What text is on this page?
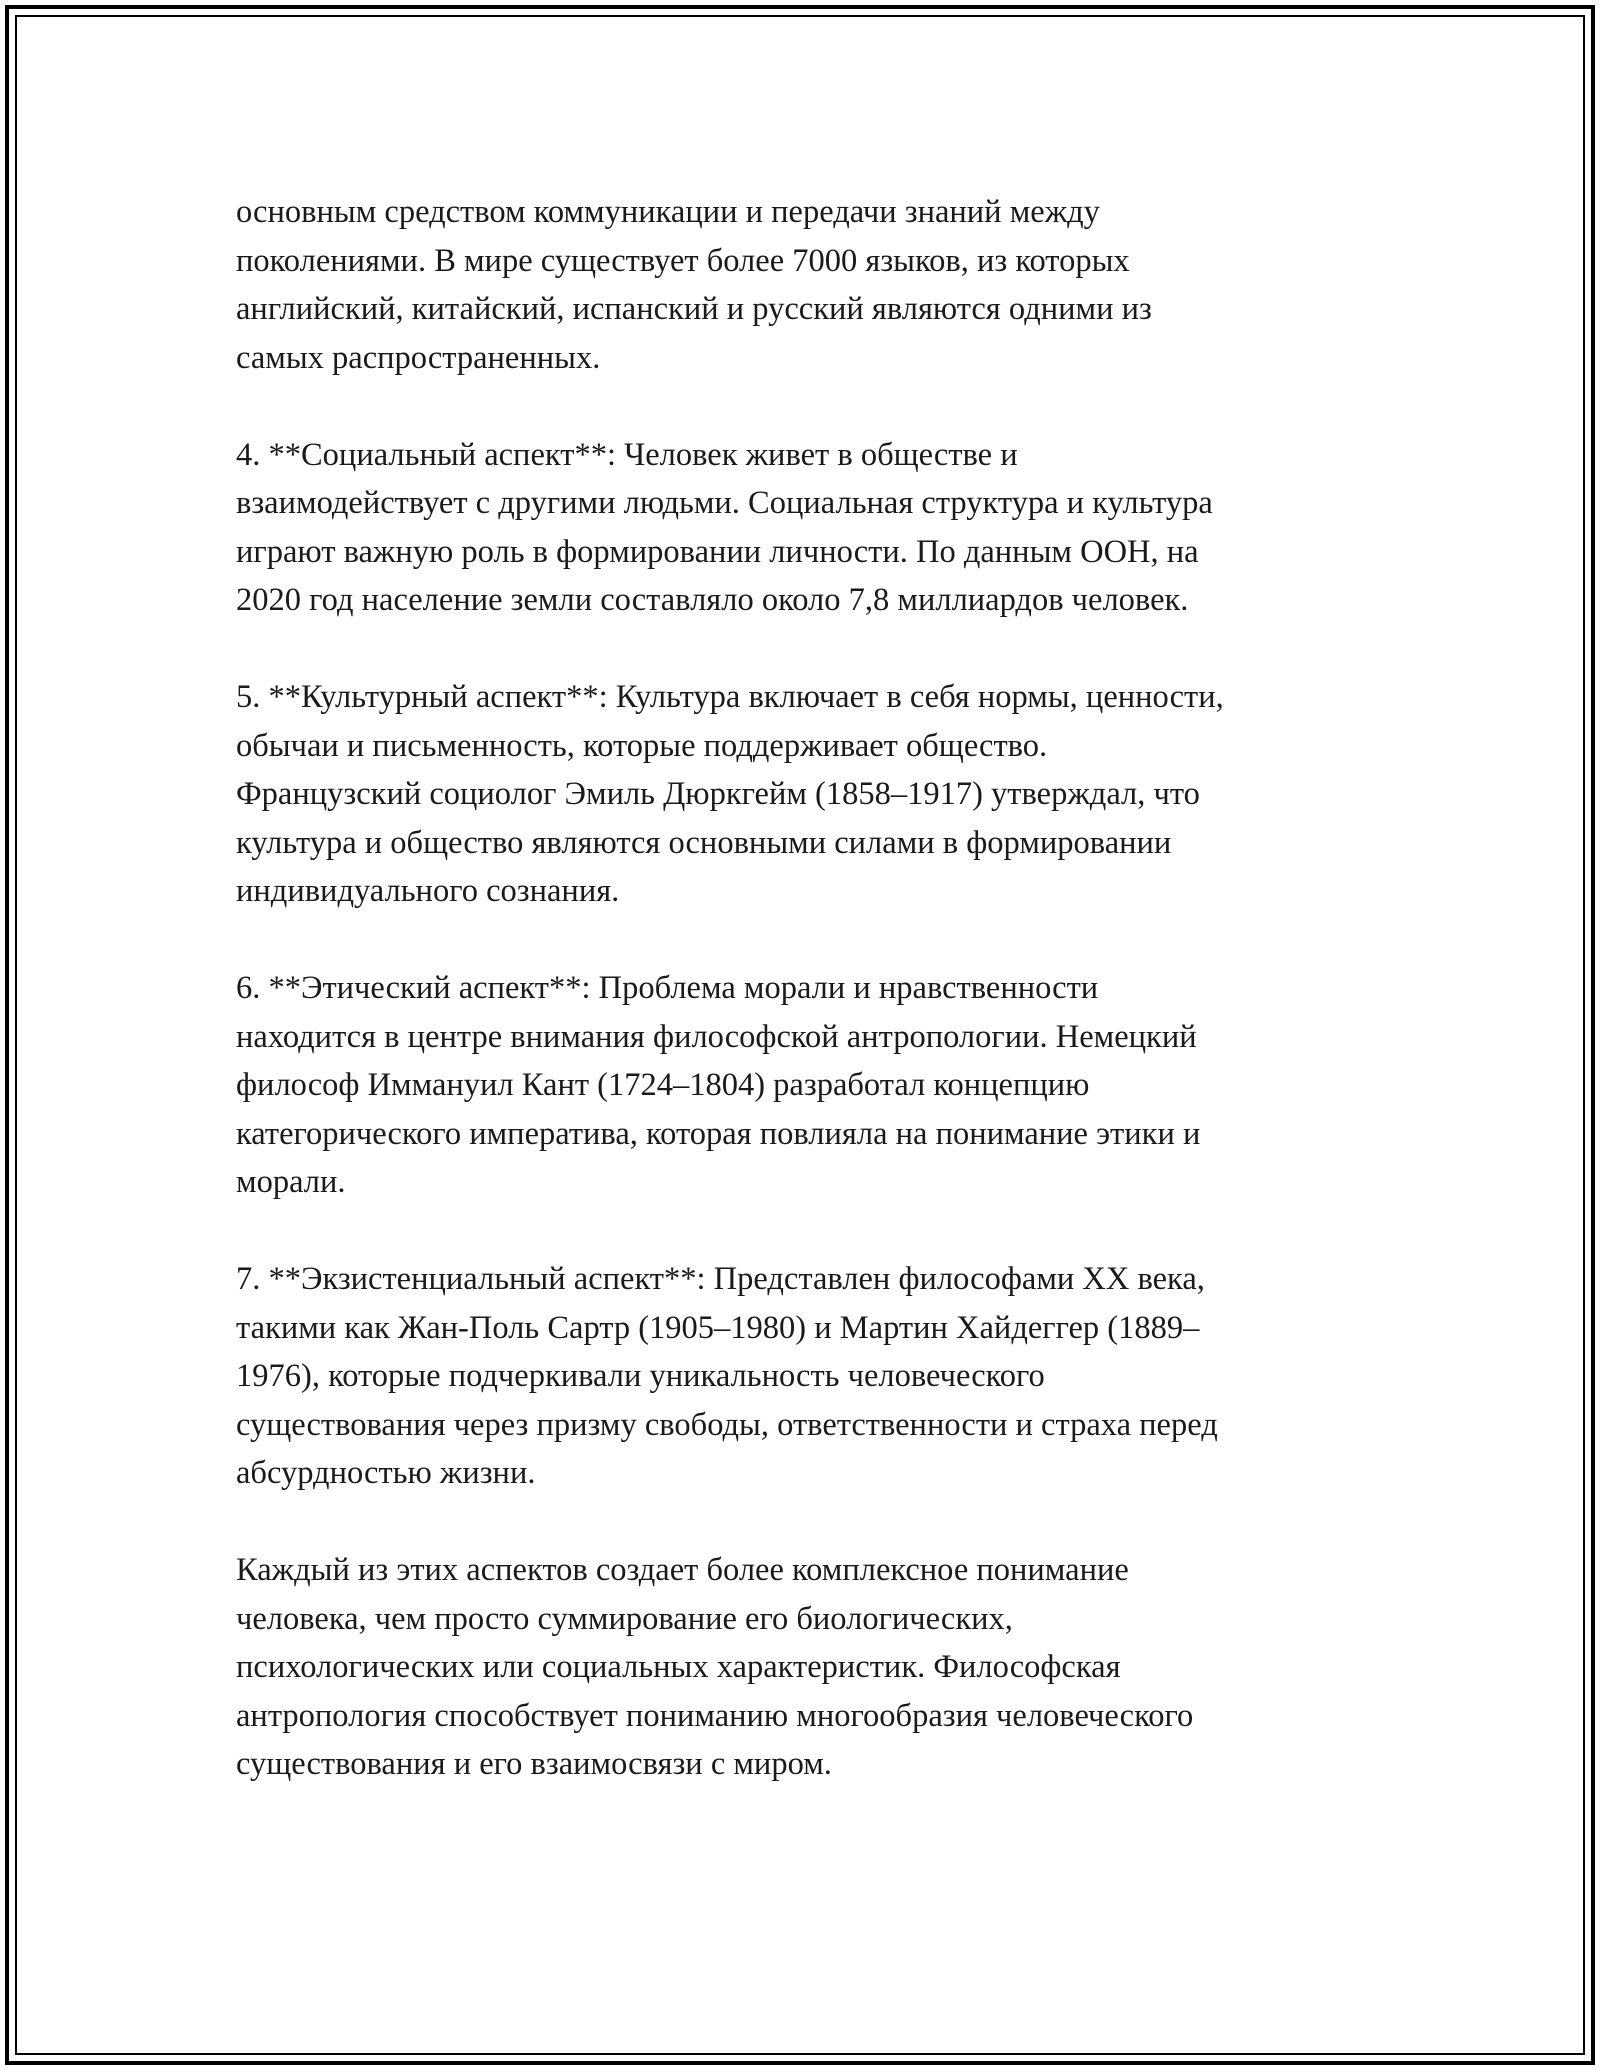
основным средством коммуникации и передачи знаний между
поколениями. В мире существует более 7000 языков, из которых
английский, китайский, испанский и русский являются одними из
самых распространенных.

4. **Социальный аспект**: Человек живет в обществе и
взаимодействует с другими людьми. Социальная структура и культура
играют важную роль в формировании личности. По данным ООН, на
2020 год население земли составляло около 7,8 миллиардов человек.

5. **Культурный аспект**: Культура включает в себя нормы, ценности,
обычаи и письменность, которые поддерживает общество.
Французский социолог Эмиль Дюркгейм (1858–1917) утверждал, что
культура и общество являются основными силами в формировании
индивидуального сознания.

6. **Этический аспект**: Проблема морали и нравственности
находится в центре внимания философской антропологии. Немецкий
философ Иммануил Кант (1724–1804) разработал концепцию
категорического императива, которая повлияла на понимание этики и
морали.

7. **Экзистенциальный аспект**: Представлен философами XX века,
такими как Жан-Поль Сартр (1905–1980) и Мартин Хайдеггер (1889–
1976), которые подчеркивали уникальность человеческого
существования через призму свободы, ответственности и страха перед
абсурдностью жизни.

Каждый из этих аспектов создает более комплексное понимание
человека, чем просто суммирование его биологических,
психологических или социальных характеристик. Философская
антропология способствует пониманию многообразия человеческого
существования и его взаимосвязи с миром.
